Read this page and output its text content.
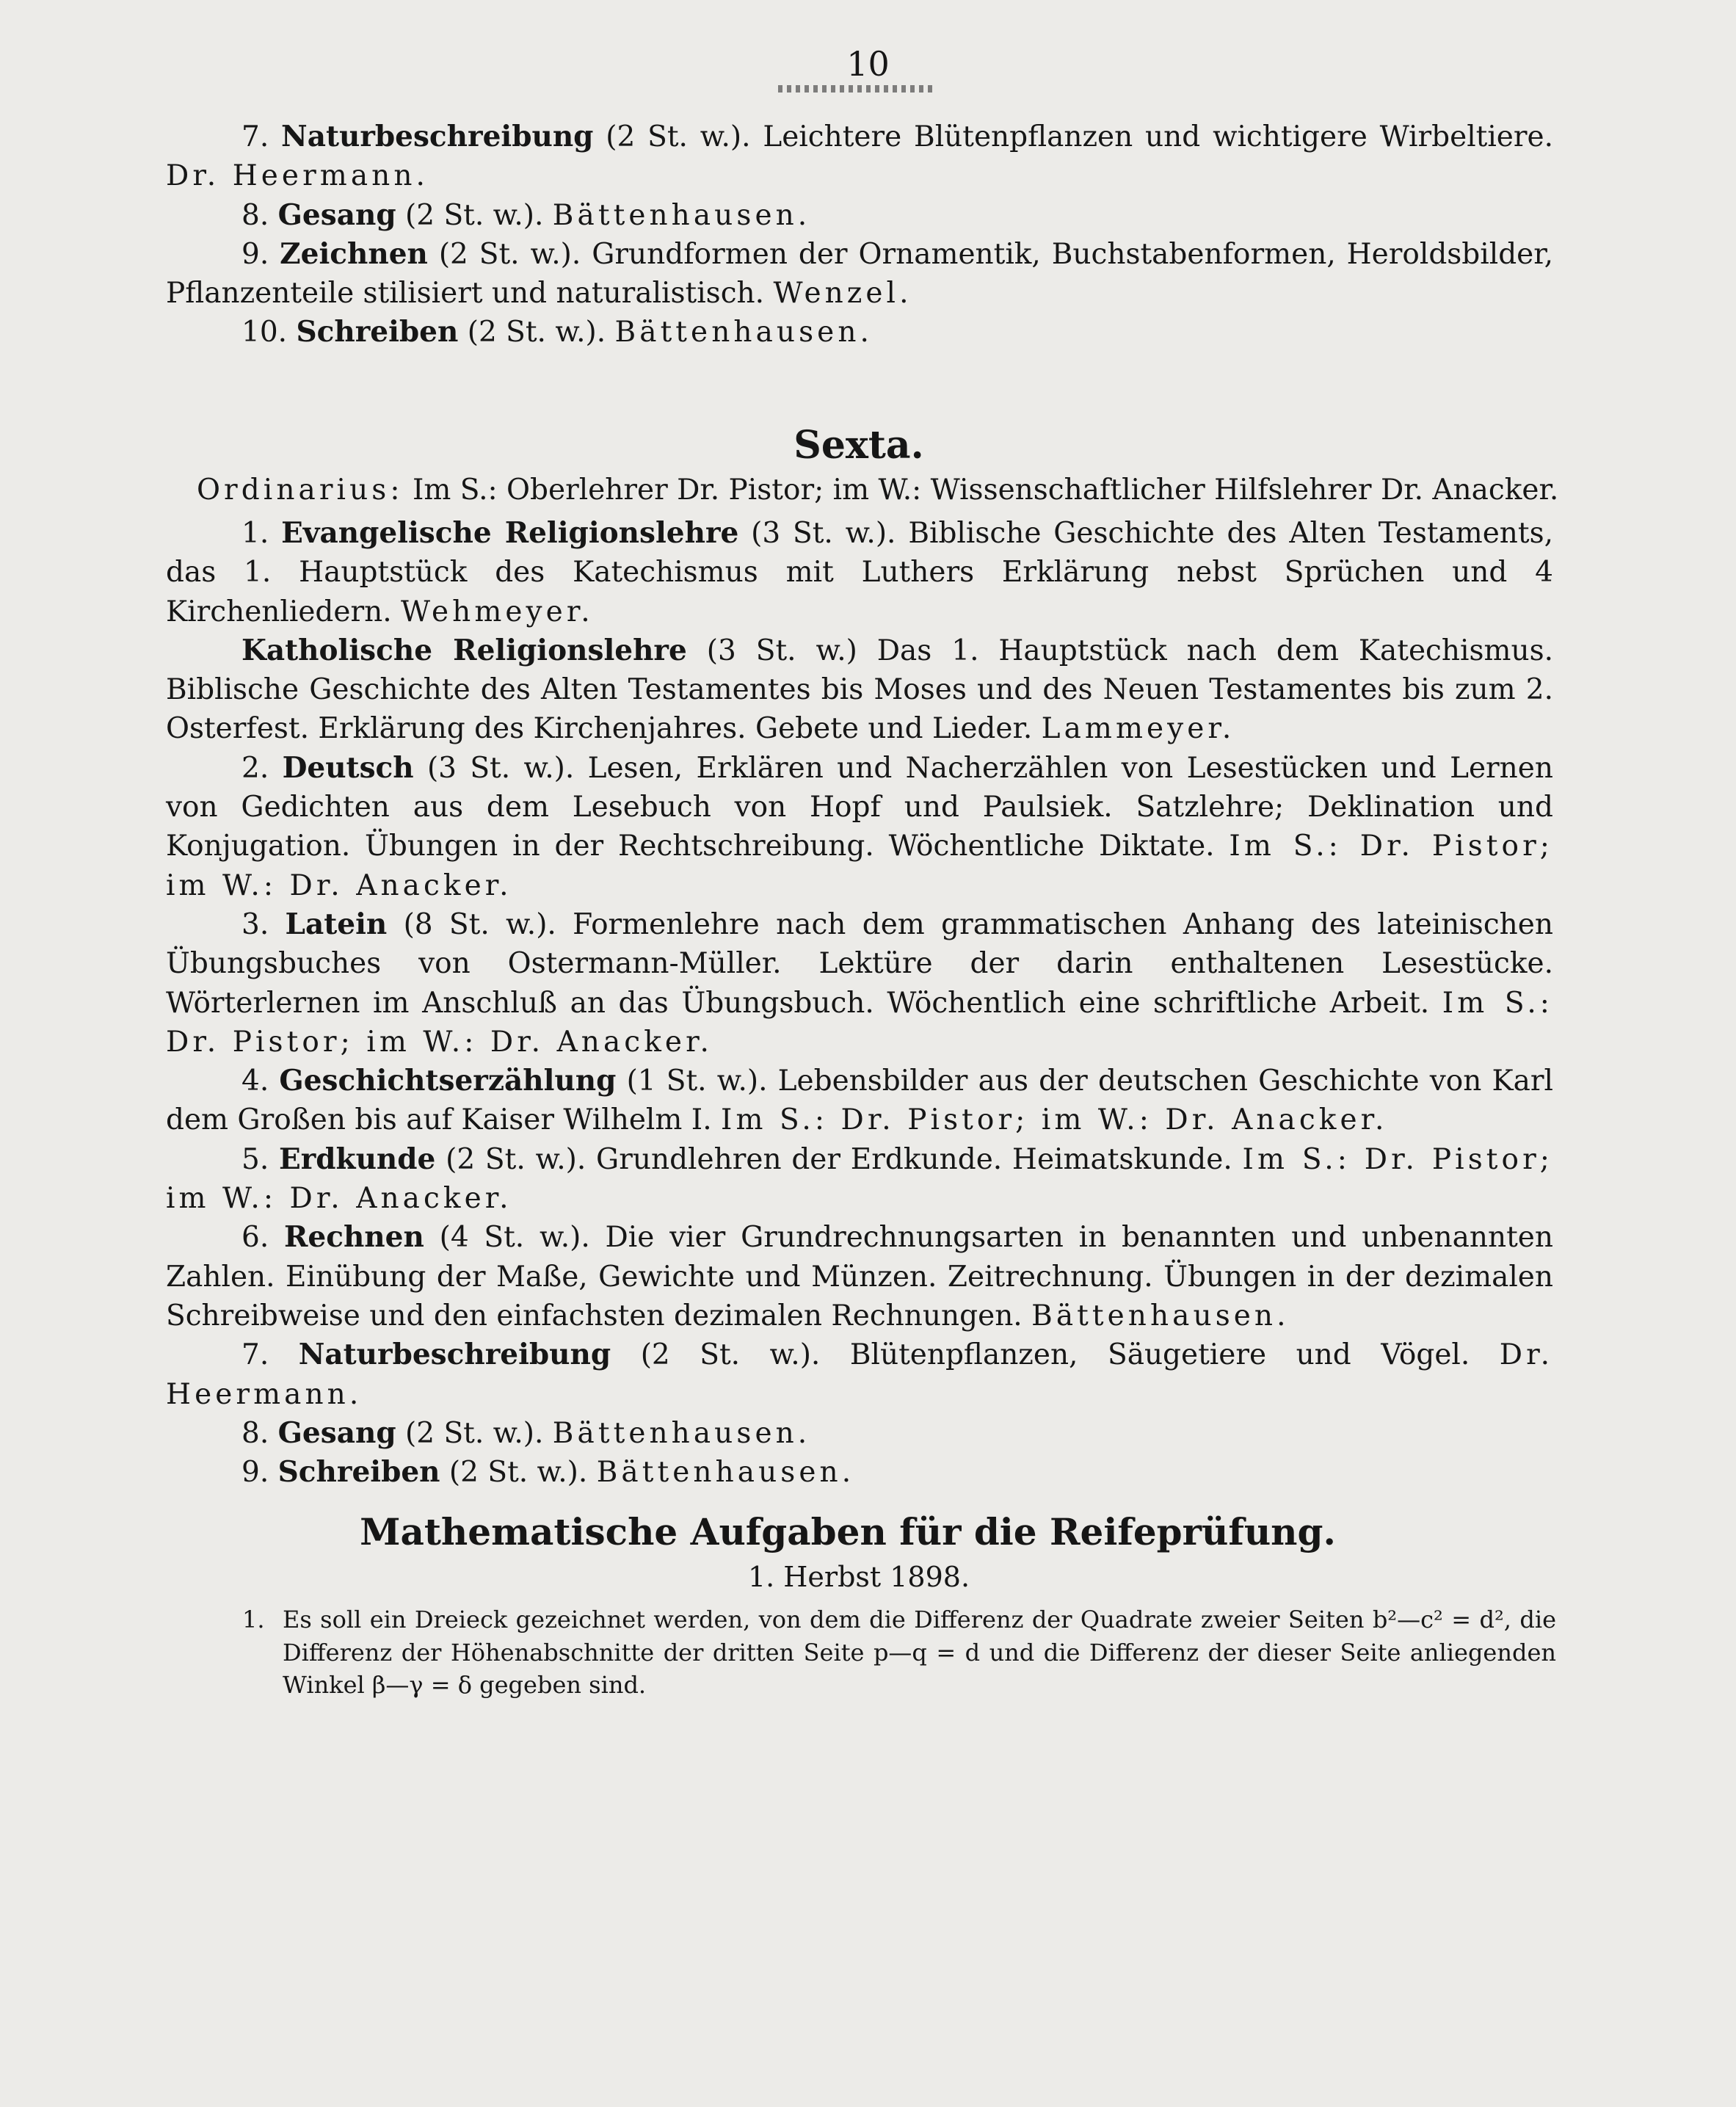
10

7. Naturbeschreibung (2 St. w.). Leichtere Blütenpflanzen und wichtigere Wirbeltiere. Dr. Heermann.

8. Gesang (2 St. w.). Bättenhausen.

9. Zeichnen (2 St. w.). Grundformen der Ornamentik, Buchstabenformen, Heroldsbilder, Pflanzenteile stilisiert und naturalistisch. Wenzel.

10. Schreiben (2 St. w.). Bättenhausen.

Sexta.
Ordinarius: Im S.: Oberlehrer Dr. Pistor; im W.: Wissenschaftlicher Hilfslehrer Dr. Anacker.

1. Evangelische Religionslehre (3 St. w.). Biblische Geschichte des Alten Testaments, das 1. Hauptstück des Katechismus mit Luthers Erklärung nebst Sprüchen und 4 Kirchenliedern. Wehmeyer.

Katholische Religionslehre (3 St. w.) Das 1. Hauptstück nach dem Katechismus. Biblische Geschichte des Alten Testamentes bis Moses und des Neuen Testamentes bis zum 2. Osterfest. Erklärung des Kirchenjahres. Gebete und Lieder. Lammeyer.

2. Deutsch (3 St. w.). Lesen, Erklären und Nacherzählen von Lesestücken und Lernen von Gedichten aus dem Lesebuch von Hopf und Paulsiek. Satzlehre; Deklination und Konjugation. Übungen in der Rechtschreibung. Wöchentliche Diktate. Im S.: Dr. Pistor; im W.: Dr. Anacker.

3. Latein (8 St. w.). Formenlehre nach dem grammatischen Anhang des lateinischen Übungsbuches von Ostermann-Müller. Lektüre der darin enthaltenen Lesestücke. Wörterlernen im Anschluß an das Übungsbuch. Wöchentlich eine schriftliche Arbeit. Im S.: Dr. Pistor; im W.: Dr. Anacker.

4. Geschichtserzählung (1 St. w.). Lebensbilder aus der deutschen Geschichte von Karl dem Großen bis auf Kaiser Wilhelm I. Im S.: Dr. Pistor; im W.: Dr. Anacker.

5. Erdkunde (2 St. w.). Grundlehren der Erdkunde. Heimatskunde. Im S.: Dr. Pistor; im W.: Dr. Anacker.

6. Rechnen (4 St. w.). Die vier Grundrechnungsarten in benannten und unbenannten Zahlen. Einübung der Maße, Gewichte und Münzen. Zeitrechnung. Übungen in der dezimalen Schreibweise und den einfachsten dezimalen Rechnungen. Bättenhausen.

7. Naturbeschreibung (2 St. w.). Blütenpflanzen, Säugetiere und Vögel. Dr. Heermann.

8. Gesang (2 St. w.). Bättenhausen.

9. Schreiben (2 St. w.). Bättenhausen.

Mathematische Aufgaben für die Reifeprüfung.
1. Herbst 1898.
1. Es soll ein Dreieck gezeichnet werden, von dem die Differenz der Quadrate zweier Seiten b²—c² = d², die Differenz der Höhenabschnitte der dritten Seite p—q = d und die Differenz der dieser Seite anliegenden Winkel β—γ = δ gegeben sind.
